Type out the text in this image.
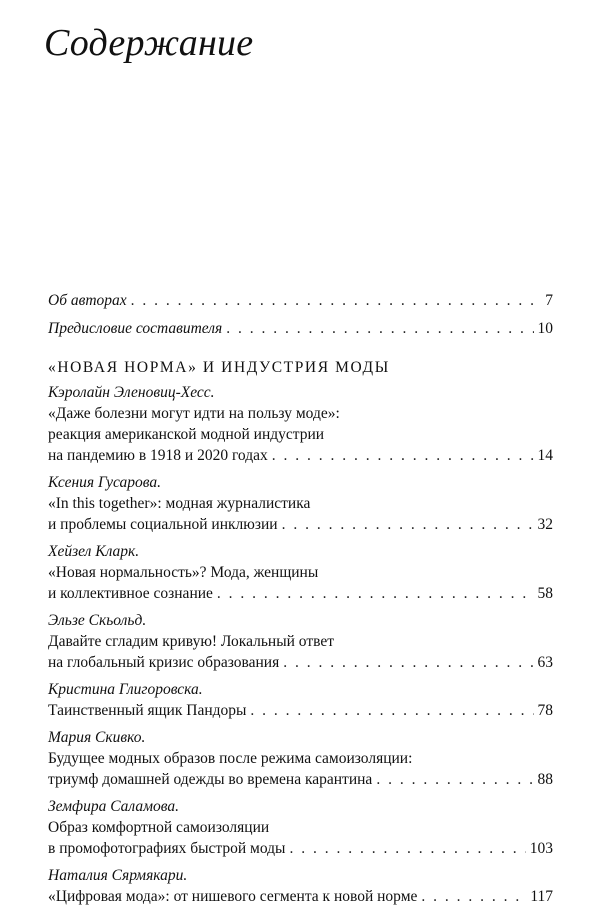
Содержание
Об авторах . . .	7
Предисловие составителя . . .	10
«НОВАЯ НОРМА» И ИНДУСТРИЯ МОДЫ
Кэролайн Эленовиц-Хесс.
«Даже болезни могут идти на пользу моде»:
реакция американской модной индустрии
на пандемию в 1918 и 2020 годах . . .	14
Ксения Гусарова.
«In this together»: модная журналистика
и проблемы социальной инклюзии . . .	32
Хейзел Кларк.
«Новая нормальность»? Мода, женщины
и коллективное сознание . . .	58
Эльзе Скьольд.
Давайте сгладим кривую! Локальный ответ
на глобальный кризис образования . . .	63
Кристина Глигоровска.
Таинственный ящик Пандоры . . .	78
Мария Скивко.
Будущее модных образов после режима самоизоляции:
триумф домашней одежды во времена карантина . . .	88
Земфира Саламова.
Образ комфортной самоизоляции
в промофотографиях быстрой моды . . .	103
Наталия Сярмякари.
«Цифровая мода»: от нишевого сегмента к новой норме . . .	117
